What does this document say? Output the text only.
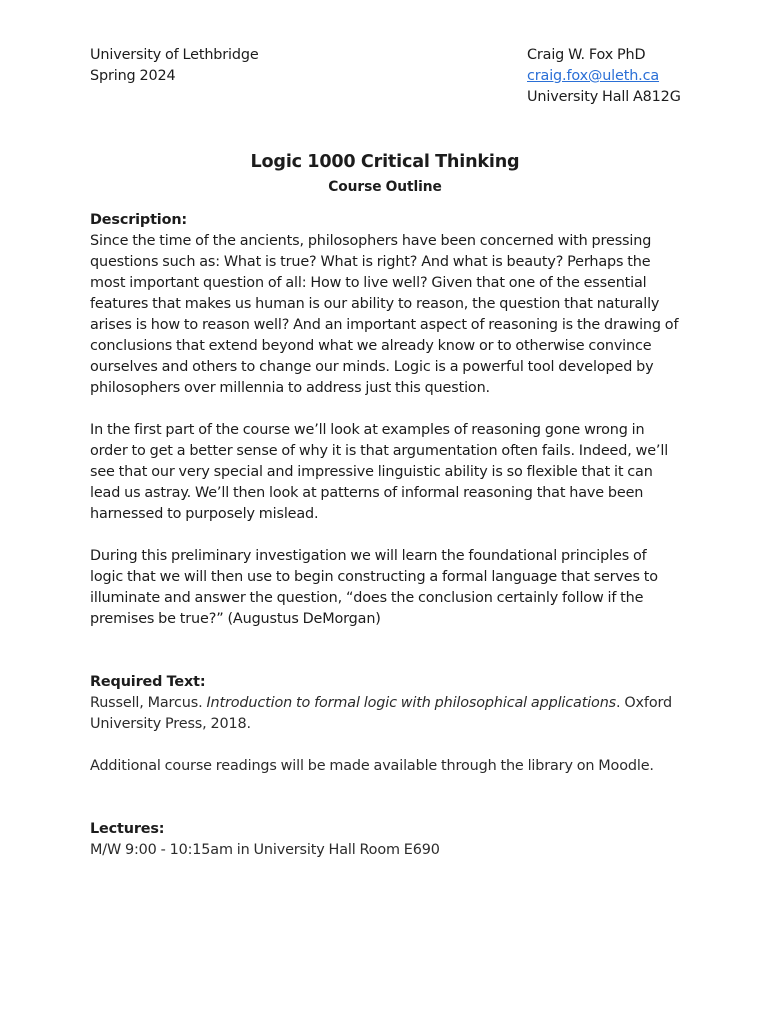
University of Lethbridge
Spring 2024
Craig W. Fox PhD
craig.fox@uleth.ca
University Hall A812G
Logic 1000 Critical Thinking
Course Outline
Description:

Since the time of the ancients, philosophers have been concerned with pressing questions such as: What is true? What is right? And what is beauty? Perhaps the most important question of all: How to live well? Given that one of the essential features that makes us human is our ability to reason, the question that naturally arises is how to reason well? And an important aspect of reasoning is the drawing of conclusions that extend beyond what we already know or to otherwise convince ourselves and others to change our minds. Logic is a powerful tool developed by philosophers over millennia to address just this question.

In the first part of the course we’ll look at examples of reasoning gone wrong in order to get a better sense of why it is that argumentation often fails. Indeed, we’ll see that our very special and impressive linguistic ability is so flexible that it can lead us astray. We’ll then look at patterns of informal reasoning that have been harnessed to purposely mislead.

During this preliminary investigation we will learn the foundational principles of logic that we will then use to begin constructing a formal language that serves to illuminate and answer the question, “does the conclusion certainly follow if the premises be true?” (Augustus DeMorgan)

Required Text:

Russell, Marcus. Introduction to formal logic with philosophical applications. Oxford University Press, 2018.

Additional course readings will be made available through the library on Moodle.

Lectures:

M/W 9:00 - 10:15am in University Hall Room E690
